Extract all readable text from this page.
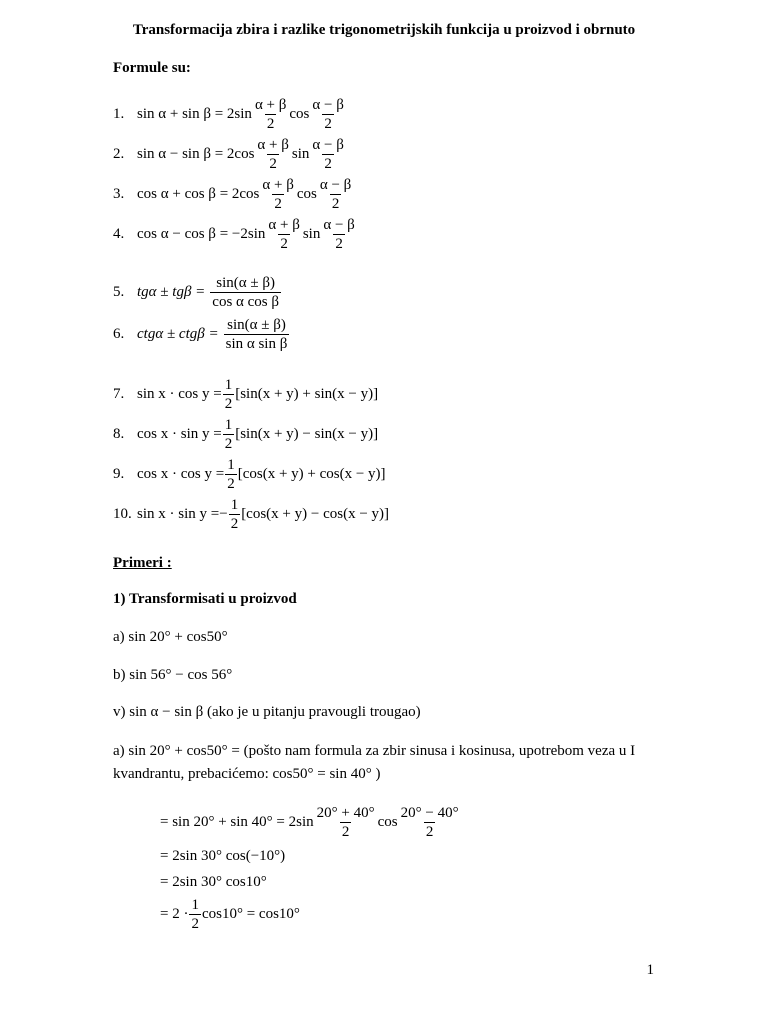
Transformacija zbira i razlike trigonometrijskih funkcija u proizvod i obrnuto
Formule su:
1. $\sin \alpha + \sin \beta = 2\sin \frac{\alpha + \beta}{2}$ $\cos \frac{\alpha - \beta}{2}$
2. $\sin \alpha - \sin \beta = 2\cos \frac{\alpha + \beta}{2}$ $\sin \frac{\alpha - \beta}{2}$
3. $\cos \alpha + \cos \beta = 2\cos \frac{\alpha + \beta}{2}$ $\cos \frac{\alpha - \beta}{2}$
4. $\cos \alpha - \cos \beta = -2\sin \frac{\alpha + \beta}{2}$ $\sin \frac{\alpha - \beta}{2}$
5. $tg\alpha \pm tg\beta = \frac{\sin(\alpha \pm \beta)}{\text{cos α cos β}}$
6. $ctg\alpha \pm ctg\beta = \frac{\sin(\alpha \pm \beta)}{\text{sin α sin β}}$
7. $\sin x \cdot \cos y = \frac{1}{2} [\sin(x + y) + \sin(x - y)]$
8. $\cos x \cdot \sin y = \frac{1}{2} [\sin(x + y) - \sin(x - y)]$
9. $\cos x \cdot \cos y = \frac{1}{2} [\cos(x + y) + \cos(x - y)]$
10. sin x · sin y = − $\frac{1}{2} [\cos(x + y) - \cos(x - y)]$
Primeri :
1) Transformisati u proizvod
a) sin 20° + cos50°
b) sin 56° − cos 56°
v) sin α − sin β (ako je u pitanju pravougli trougao)
a) sin 20° + cos50° = (pošto nam formula za zbir sinusa i kosinusa, upotrebom veza u I
kvandrantu, prebacićemo: cos50° = sin 40° )
= $\sin 20^\circ + \sin 40^\circ = 2\sin \frac{20^\circ + 40^\circ}{2}$ $\cos \frac{20^\circ - 40^\circ}{2}$
= 2sin 30° cos(−10°)
= 2sin 30° cos10°
= $2 \cdot \frac{1}{2} \cos 10^\circ = \cos 10^\circ$
1
